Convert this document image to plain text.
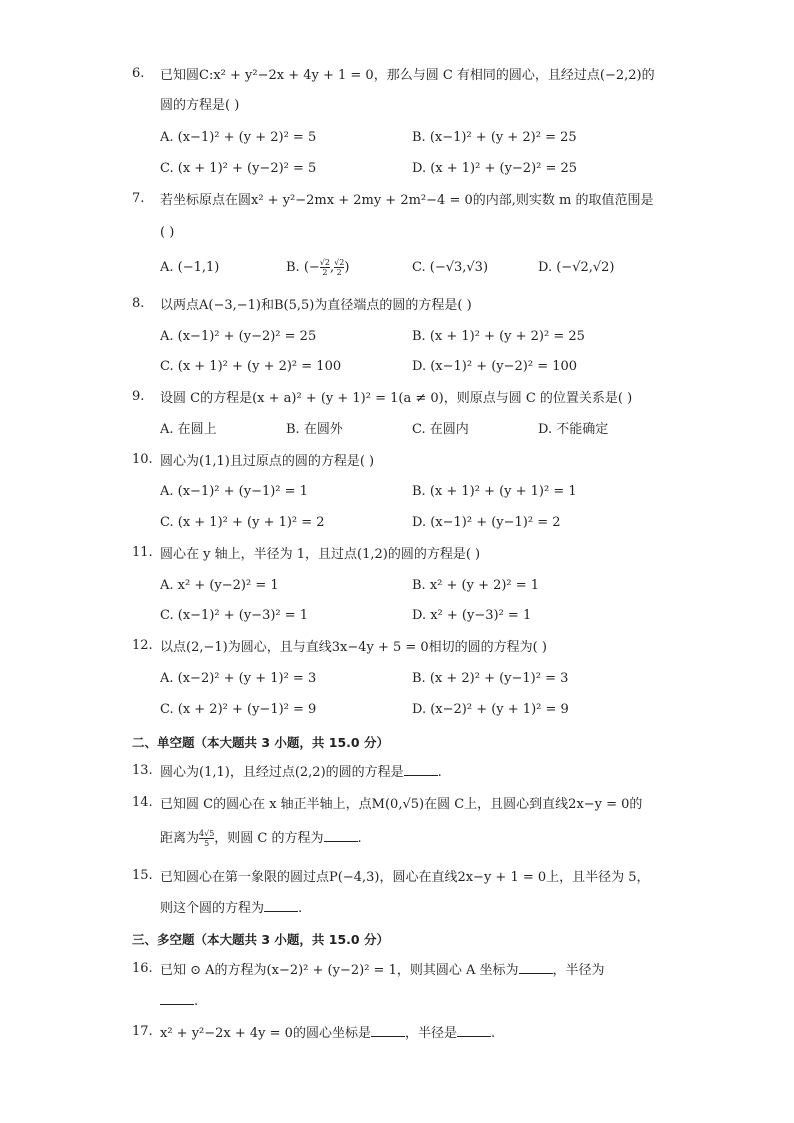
6.	已知圆C:x² + y²−2x + 4y + 1 = 0，那么与圆 C 有相同的圆心，且经过点(−2,2)的
圆的方程是( )
A. (x−1)² + (y + 2)² = 5	B. (x−1)² + (y + 2)² = 25
C. (x + 1)² + (y−2)² = 5	D. (x + 1)² + (y−2)² = 25
7.	若坐标原点在圆x² + y²−2mx + 2my + 2m²−4 = 0的内部,则实数 m 的取值范围是
( )
A. (−1,1)	B. (− $\frac{√2}{2}$ , $\frac{√2}{2}$ )	C. (−√3,√3)	D. (−√2,√2)
8.	以两点A(−3,−1)和B(5,5)为直径端点的圆的方程是( )
A. (x−1)² + (y−2)² = 25	B. (x + 1)² + (y + 2)² = 25
C. (x + 1)² + (y + 2)² = 100	D. (x−1)² + (y−2)² = 100
9.	设圆 C的方程是(x + a)² + (y + 1)² = 1(a ≠ 0)，则原点与圆 C 的位置关系是( )
A. 在圆上	B. 在圆外	C. 在圆内	D. 不能确定
10. 圆心为(1,1)且过原点的圆的方程是( )
A. (x−1)² + (y−1)² = 1	B. (x + 1)² + (y + 1)² = 1
C. (x + 1)² + (y + 1)² = 2	D. (x−1)² + (y−1)² = 2
11. 圆心在 y 轴上，半径为 1，且过点(1,2)的圆的方程是( )
A. x² + (y−2)² = 1	B. x² + (y + 2)² = 1
C. (x−1)² + (y−3)² = 1	D. x² + (y−3)² = 1
12. 以点(2,−1)为圆心，且与直线3x−4y + 5 = 0相切的圆的方程为( )
A. (x−2)² + (y + 1)² = 3	B. (x + 2)² + (y−1)² = 3
C. (x + 2)² + (y−1)² = 9	D. (x−2)² + (y + 1)² = 9
二、单空题（本大题共 3 小题，共 15.0 分）
13. 圆心为(1,1)，且经过点(2,2)的圆的方程是	.
14. 已知圆 C的圆心在 x 轴正半轴上，点M(0,√5)在圆 C上，且圆心到直线2x−y = 0的
距离为 $\frac{4√5}{5}$ ，则圆 C 的方程为	.
15. 已知圆心在第一象限的圆过点P(−4,3)，圆心在直线2x−y + 1 = 0上，且半径为 5，
则这个圆的方程为	.
三、多空题（本大题共 3 小题，共 15.0 分）
16. 已知 ⊙ A的方程为(x−2)² + (y−2)² = 1，则其圆心 A 坐标为	，半径为
.
17. x² + y²−2x + 4y = 0的圆心坐标是	，半径是	.
